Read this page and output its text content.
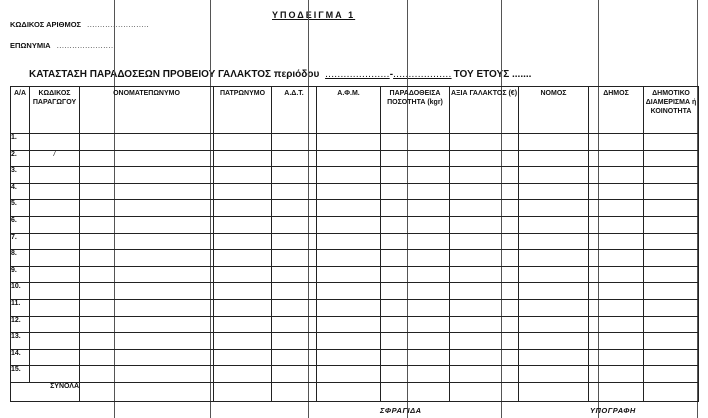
ΥΠΟΔΕΙΓΜΑ 1
ΚΩΔΙΚΟΣ ΑΡΙΘΜΟΣ ........................
ΕΠΩΝΥΜΙΑ ......................
ΚΑΤΑΣΤΑΣΗ ΠΑΡΑΔΟΣΕΩΝ ΠΡΟΒΕΙΟΥ ΓΑΛΑΚΤΟΣ περιόδου .....................-................... ΤΟΥ ΕΤΟΥΣ .......
Α/Α	ΚΩΔΙΚΟΣ ΠΑΡΑΓΩΓΟΥ	ΟΝΟΜΑΤΕΠΩΝΥΜΟ	ΠΑΤΡΩΝΥΜΟ	Α.Δ.Τ.	Α.Φ.Μ.	ΠΑΡΑΔΟΘΕΙΣΑ ΠΟΣΟΤΗΤΑ (kgr)	ΑΞΙΑ ΓΑΛΑΚΤΟΣ (€)	ΝΟΜΟΣ	ΔΗΜΟΣ	ΔΗΜΟΤΙΚΟ ΔΙΑΜΕΡΙΣΜΑ ή ΚΟΙΝΟΤΗΤΑ
1.										
2.	/									
3.										
4.										
5.										
6.										
7.										
8.										
9.										
10.										
11.										
12.										
13.										
14.										
15.										
ΣΥΝΟΛΑ										
ΣΦΡΑΓΙΔΑ	ΥΠΟΓΡΑΦΗ
